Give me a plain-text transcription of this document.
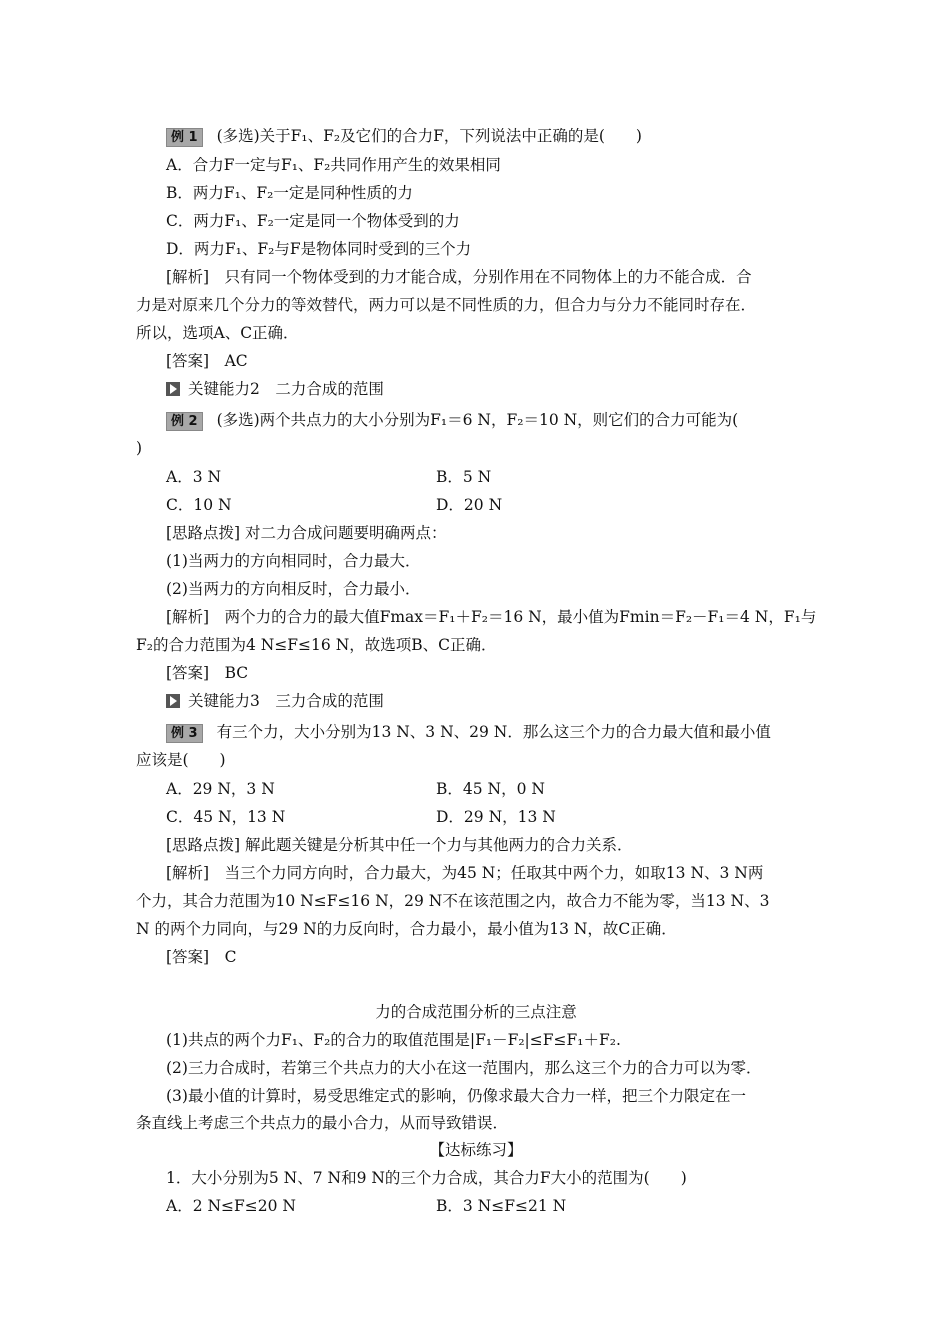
例 1 (多选)关于F₁、F₂及它们的合力F，下列说法中正确的是(　　)
A．合力F一定与F₁、F₂共同作用产生的效果相同
B．两力F₁、F₂一定是同种性质的力
C．两力F₁、F₂一定是同一个物体受到的力
D．两力F₁、F₂与F是物体同时受到的三个力
[解析]　只有同一个物体受到的力才能合成，分别作用在不同物体上的力不能合成．合
力是对原来几个分力的等效替代，两力可以是不同性质的力，但合力与分力不能同时存在．
所以，选项A、C正确．
[答案]　AC
关键能力2　二力合成的范围
例 2 (多选)两个共点力的大小分别为F₁＝6 N，F₂＝10 N，则它们的合力可能为(
)
A．3 N	B．5 N
C．10 N	D．20 N
[思路点拨] 对二力合成问题要明确两点：
(1)当两力的方向相同时，合力最大．
(2)当两力的方向相反时，合力最小．
[解析]　两个力的合力的最大值Fmax＝F₁＋F₂＝16 N，最小值为Fmin＝F₂－F₁＝4 N，F₁与
F₂的合力范围为4 N≤F≤16 N，故选项B、C正确．
[答案]　BC
关键能力3　三力合成的范围
例 3 有三个力，大小分别为13 N、3 N、29 N．那么这三个力的合力最大值和最小值
应该是(　　)
A．29 N，3 N	B．45 N，0 N
C．45 N，13 N	D．29 N，13 N
[思路点拨] 解此题关键是分析其中任一个力与其他两力的合力关系．
[解析]　当三个力同方向时，合力最大，为45 N；任取其中两个力，如取13 N、3 N两
个力，其合力范围为10 N≤F≤16 N，29 N不在该范围之内，故合力不能为零，当13 N、3
N 的两个力同向，与29 N的力反向时，合力最小，最小值为13 N，故C正确．
[答案]　C
力的合成范围分析的三点注意
(1)共点的两个力F₁、F₂的合力的取值范围是|F₁－F₂|≤F≤F₁＋F₂.
(2)三力合成时，若第三个共点力的大小在这一范围内，那么这三个力的合力可以为零．
(3)最小值的计算时，易受思维定式的影响，仍像求最大合力一样，把三个力限定在一
条直线上考虑三个共点力的最小合力，从而导致错误．
【达标练习】
1．大小分别为5 N、7 N和9 N的三个力合成，其合力F大小的范围为(　　)
A．2 N≤F≤20 N	B．3 N≤F≤21 N
